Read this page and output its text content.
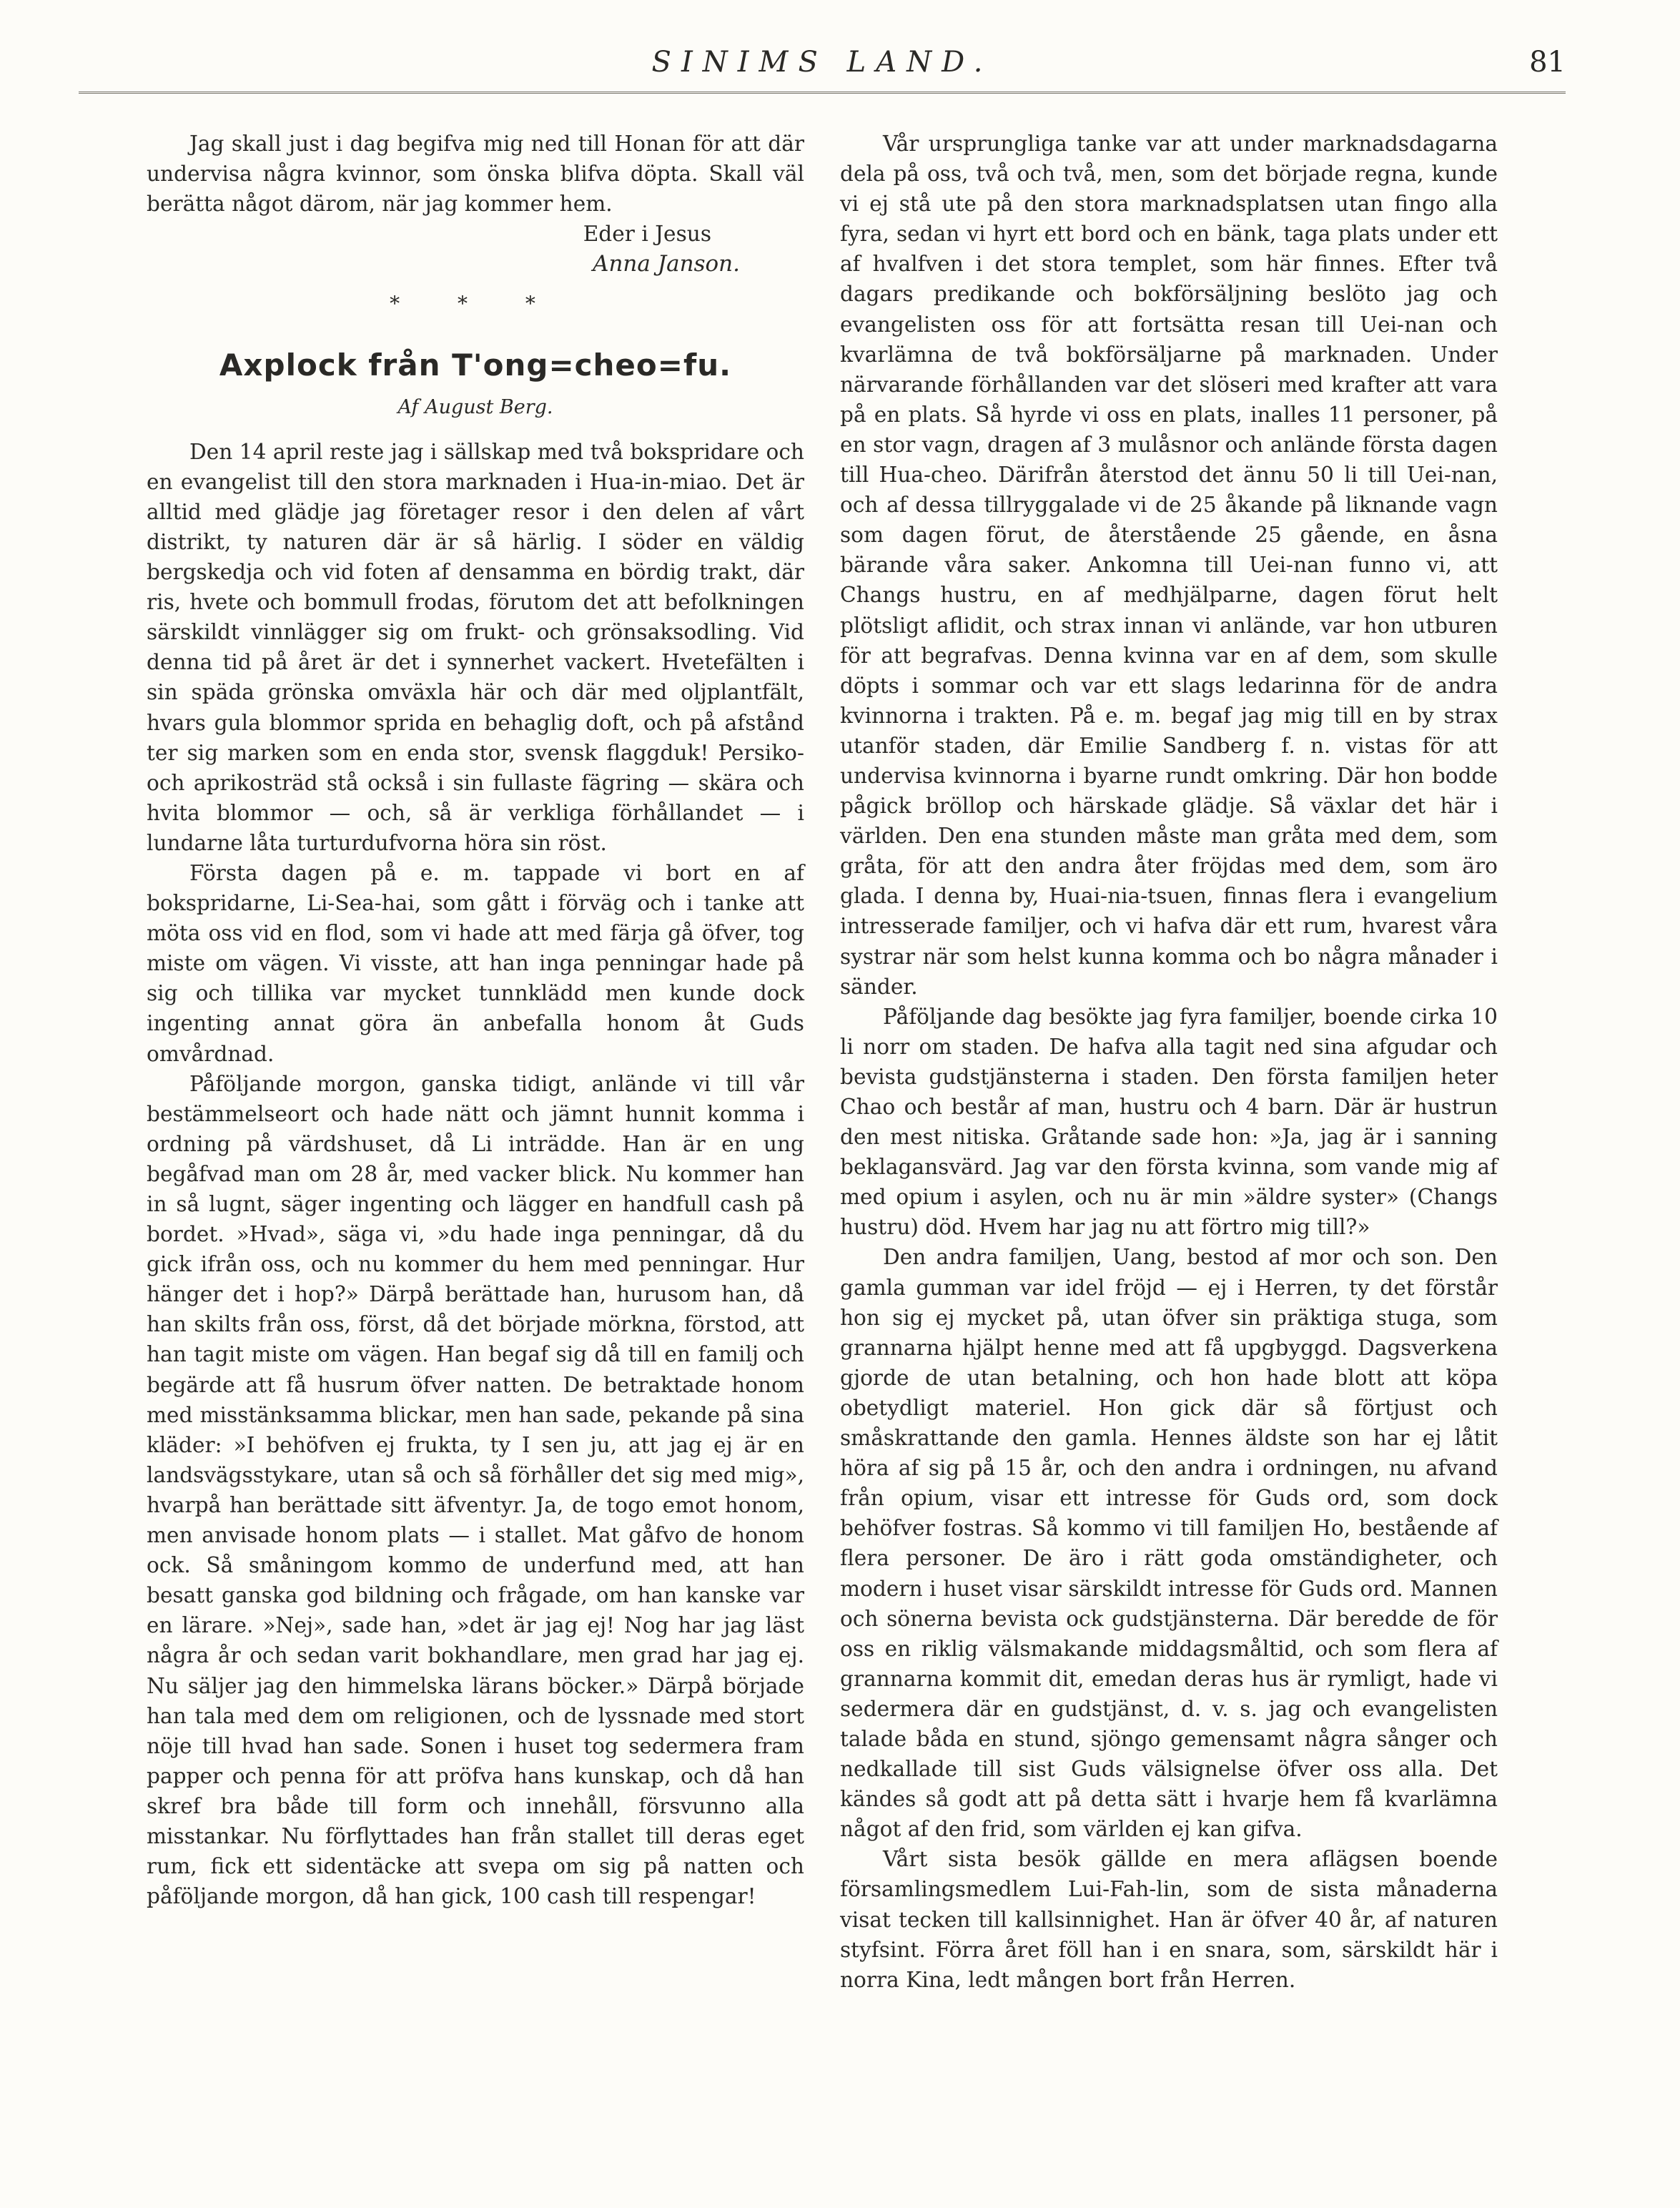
SINIMS LAND.	81

Jag skall just i dag begifva mig ned till Honan för att där undervisa några kvinnor, som önska blifva döpta. Skall väl berätta något därom, när jag kommer hem.

Eder i Jesus
Anna Janson.
* * *
Axplock från T'ong=cheo=fu.
Af August Berg.

Den 14 april reste jag i sällskap med två bokspridare och en evangelist till den stora marknaden i Hua-in-miao. Det är alltid med glädje jag företager resor i den delen af vårt distrikt, ty naturen där är så härlig. I söder en väldig bergskedja och vid foten af densamma en bördig trakt, där ris, hvete och bommull frodas, förutom det att befolkningen särskildt vinnlägger sig om frukt- och grönsaksodling. Vid denna tid på året är det i synnerhet vackert. Hvetefälten i sin späda grönska omväxla här och där med oljplantfält, hvars gula blommor sprida en behaglig doft, och på afstånd ter sig marken som en enda stor, svensk flaggduk! Persiko- och aprikosträd stå också i sin fullaste fägring — skära och hvita blommor — och, så är verkliga förhållandet — i lundarne låta turturdufvorna höra sin röst.

Första dagen på e. m. tappade vi bort en af bokspridarne, Li-Sea-hai, som gått i förväg och i tanke att möta oss vid en flod, som vi hade att med färja gå öfver, tog miste om vägen. Vi visste, att han inga penningar hade på sig och tillika var mycket tunnklädd men kunde dock ingenting annat göra än anbefalla honom åt Guds omvårdnad.

Påföljande morgon, ganska tidigt, anlände vi till vår bestämmelseort och hade nätt och jämnt hunnit komma i ordning på värdshuset, då Li inträdde. Han är en ung begåfvad man om 28 år, med vacker blick. Nu kommer han in så lugnt, säger ingenting och lägger en handfull cash på bordet. »Hvad», säga vi, »du hade inga penningar, då du gick ifrån oss, och nu kommer du hem med penningar. Hur hänger det i hop?» Därpå berättade han, hurusom han, då han skilts från oss, först, då det började mörkna, förstod, att han tagit miste om vägen. Han begaf sig då till en familj och begärde att få husrum öfver natten. De betraktade honom med misstänksamma blickar, men han sade, pekande på sina kläder: »I behöfven ej frukta, ty I sen ju, att jag ej är en landsvägsstykare, utan så och så förhåller det sig med mig», hvarpå han berättade sitt äfventyr. Ja, de togo emot honom, men anvisade honom plats — i stallet. Mat gåfvo de honom ock. Så småningom kommo de underfund med, att han besatt ganska god bildning och frågade, om han kanske var en lärare. »Nej», sade han, »det är jag ej! Nog har jag läst några år och sedan varit bokhandlare, men grad har jag ej. Nu säljer jag den himmelska lärans böcker.» Därpå började han tala med dem om religionen, och de lyssnade med stort nöje till hvad han sade. Sonen i huset tog sedermera fram papper och penna för att pröfva hans kunskap, och då han skref bra både till form och innehåll, försvunno alla misstankar. Nu förflyttades han från stallet till deras eget rum, fick ett sidentäcke att svepa om sig på natten och påföljande morgon, då han gick, 100 cash till respengar!

Vår ursprungliga tanke var att under marknadsdagarna dela på oss, två och två, men, som det började regna, kunde vi ej stå ute på den stora marknadsplatsen utan fingo alla fyra, sedan vi hyrt ett bord och en bänk, taga plats under ett af hvalfven i det stora templet, som här finnes. Efter två dagars predikande och bokförsäljning beslöto jag och evangelisten oss för att fortsätta resan till Uei-nan och kvarlämna de två bokförsäljarne på marknaden. Under närvarande förhållanden var det slöseri med krafter att vara på en plats. Så hyrde vi oss en plats, inalles 11 personer, på en stor vagn, dragen af 3 mulåsnor och anlände första dagen till Hua-cheo. Därifrån återstod det ännu 50 li till Uei-nan, och af dessa tillryggalade vi de 25 åkande på liknande vagn som dagen förut, de återstående 25 gående, en åsna bärande våra saker. Ankomna till Uei-nan funno vi, att Changs hustru, en af medhjälparne, dagen förut helt plötsligt aflidit, och strax innan vi anlände, var hon utburen för att begrafvas. Denna kvinna var en af dem, som skulle döpts i sommar och var ett slags ledarinna för de andra kvinnorna i trakten. På e. m. begaf jag mig till en by strax utanför staden, där Emilie Sandberg f. n. vistas för att undervisa kvinnorna i byarne rundt omkring. Där hon bodde pågick bröllop och härskade glädje. Så växlar det här i världen. Den ena stunden måste man gråta med dem, som gråta, för att den andra åter fröjdas med dem, som äro glada. I denna by, Huai-nia-tsuen, finnas flera i evangelium intresserade familjer, och vi hafva där ett rum, hvarest våra systrar när som helst kunna komma och bo några månader i sänder.

Påföljande dag besökte jag fyra familjer, boende cirka 10 li norr om staden. De hafva alla tagit ned sina afgudar och bevista gudstjänsterna i staden. Den första familjen heter Chao och består af man, hustru och 4 barn. Där är hustrun den mest nitiska. Gråtande sade hon: »Ja, jag är i sanning beklagansvärd. Jag var den första kvinna, som vande mig af med opium i asylen, och nu är min »äldre syster» (Changs hustru) död. Hvem har jag nu att förtro mig till?»

Den andra familjen, Uang, bestod af mor och son. Den gamla gumman var idel fröjd — ej i Herren, ty det förstår hon sig ej mycket på, utan öfver sin präktiga stuga, som grannarna hjälpt henne med att få upgbyggd. Dagsverkena gjorde de utan betalning, och hon hade blott att köpa obetydligt materiel. Hon gick där så förtjust och småskrattande den gamla. Hennes äldste son har ej låtit höra af sig på 15 år, och den andra i ordningen, nu afvand från opium, visar ett intresse för Guds ord, som dock behöfver fostras. Så kommo vi till familjen Ho, bestående af flera personer. De äro i rätt goda omständigheter, och modern i huset visar särskildt intresse för Guds ord. Mannen och sönerna bevista ock gudstjänsterna. Där beredde de för oss en riklig välsmakande middagsmåltid, och som flera af grannarna kommit dit, emedan deras hus är rymligt, hade vi sedermera där en gudstjänst, d. v. s. jag och evangelisten talade båda en stund, sjöngo gemensamt några sånger och nedkallade till sist Guds välsignelse öfver oss alla. Det kändes så godt att på detta sätt i hvarje hem få kvarlämna något af den frid, som världen ej kan gifva.

Vårt sista besök gällde en mera aflägsen boende församlingsmedlem Lui-Fah-lin, som de sista månaderna visat tecken till kallsinnighet. Han är öfver 40 år, af naturen styfsint. Förra året föll han i en snara, som, särskildt här i norra Kina, ledt mången bort från Herren.
